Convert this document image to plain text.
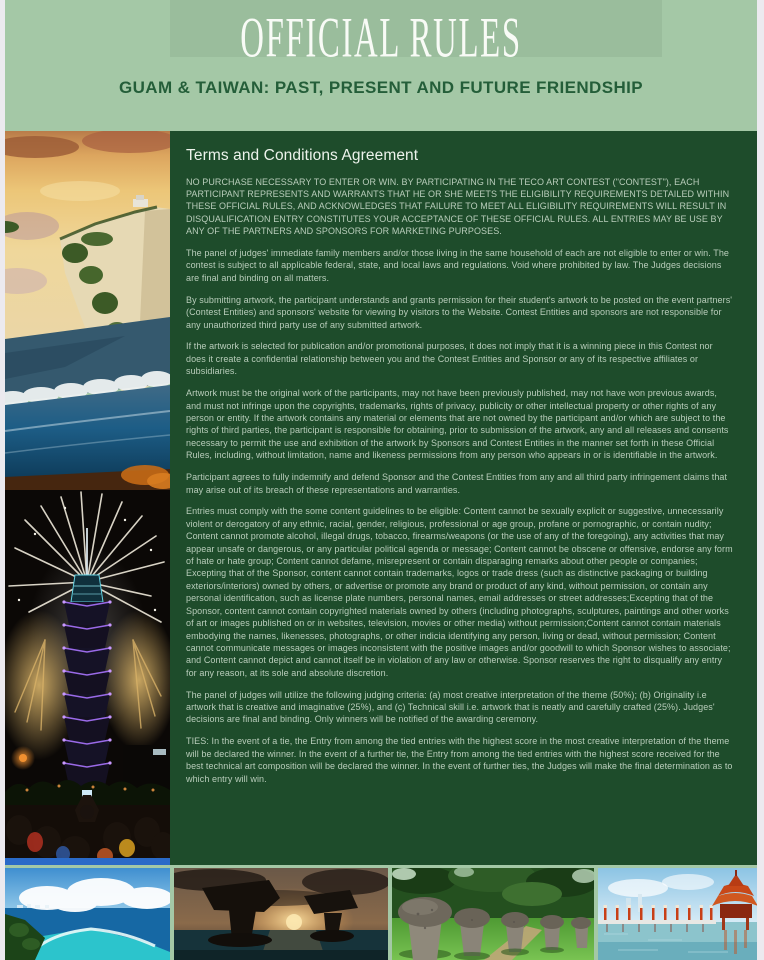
OFFICIAL RULES
GUAM & TAIWAN: PAST, PRESENT AND FUTURE FRIENDSHIP
Terms and Conditions Agreement

NO PURCHASE NECESSARY TO ENTER OR WIN. BY PARTICIPATING IN THE TECO ART CONTEST ("CONTEST"), EACH PARTICIPANT REPRESENTS AND WARRANTS THAT HE OR SHE MEETS THE ELIGIBILITY REQUIREMENTS DETAILED WITHIN THESE OFFICIAL RULES, AND ACKNOWLEDGES THAT FAILURE TO MEET ALL ELIGIBILITY REQUIREMENTS WILL RESULT IN DISQUALIFICATION ENTRY CONSTITUTES YOUR ACCEPTANCE OF THESE OFFICIAL RULES. ALL ENTRIES MAY BE USE BY ANY OF THE PARTNERS AND SPONSORS FOR MARKETING PURPOSES.

The panel of judges' immediate family members and/or those living in the same household of each are not eligible to enter or win. The contest is subject to all applicable federal, state, and local laws and regulations. Void where prohibited by law. The Judges decisions are final and binding on all matters.

By submitting artwork, the participant understands and grants permission for their student's artwork to be posted on the event partners' (Contest Entities) and sponsors' website for viewing by visitors to the Website. Contest Entities and sponsors are not responsible for any unauthorized third party use of any submitted artwork.

If the artwork is selected for publication and/or promotional purposes, it does not imply that it is a winning piece in this Contest nor does it create a confidential relationship between you and the Contest Entities and Sponsor or any of its respective affiliates or subsidiaries.

Artwork must be the original work of the participants, may not have been previously published, may not have won previous awards, and must not infringe upon the copyrights, trademarks, rights of privacy, publicity or other intellectual property or other rights of any person or entity. If the artwork contains any material or elements that are not owned by the participant and/or which are subject to the rights of third parties, the participant is responsible for obtaining, prior to submission of the artwork, any and all releases and consents necessary to permit the use and exhibition of the artwork by Sponsors and Contest Entities in the manner set forth in these Official Rules, including, without limitation, name and likeness permissions from any person who appears in or is identifiable in the artwork.

Participant agrees to fully indemnify and defend Sponsor and the Contest Entities from any and all third party infringement claims that may arise out of its breach of these representations and warranties.

Entries must comply with the some content guidelines to be eligible: Content cannot be sexually explicit or suggestive, unnecessarily violent or derogatory of any ethnic, racial, gender, religious, professional or age group, profane or pornographic, or contain nudity; Content cannot promote alcohol, illegal drugs, tobacco, firearms/weapons (or the use of any of the foregoing), any activities that may appear unsafe or dangerous, or any particular political agenda or message; Content cannot be obscene or offensive, endorse any form of hate or hate group; Content cannot defame, misrepresent or contain disparaging remarks about other people or companies; Excepting that of the Sponsor, content cannot contain trademarks, logos or trade dress (such as distinctive packaging or building exteriors/interiors) owned by others, or advertise or promote any brand or product of any kind, without permission, or contain any personal identification, such as license plate numbers, personal names, email addresses or street addresses;Excepting that of the Sponsor, content cannot contain copyrighted materials owned by others (including photographs, sculptures, paintings and other works of art or images published on or in websites, television, movies or other media) without permission;Content cannot contain materials embodying the names, likenesses, photographs, or other indicia identifying any person, living or dead, without permission; Content cannot communicate messages or images inconsistent with the positive images and/or goodwill to which Sponsor wishes to associate; and Content cannot depict and cannot itself be in violation of any law or otherwise. Sponsor reserves the right to disqualify any entry for any reason, at its sole and absolute discretion.

The panel of judges will utilize the following judging criteria: (a) most creative interpretation of the theme (50%); (b) Originality i.e artwork that is creative and imaginative (25%), and (c) Technical skill i.e. artwork that is neatly and carefully crafted (25%). Judges' decisions are final and binding. Only winners will be notified of the awarding ceremony.

TIES: In the event of a tie, the Entry from among the tied entries with the highest score in the most creative interpretation of the theme will be declared the winner. In the event of a further tie, the Entry from among the tied entries with the highest score received for the best technical art composition will be declared the winner. In the event of further ties, the Judges will make the final determination as to which entry will win.
